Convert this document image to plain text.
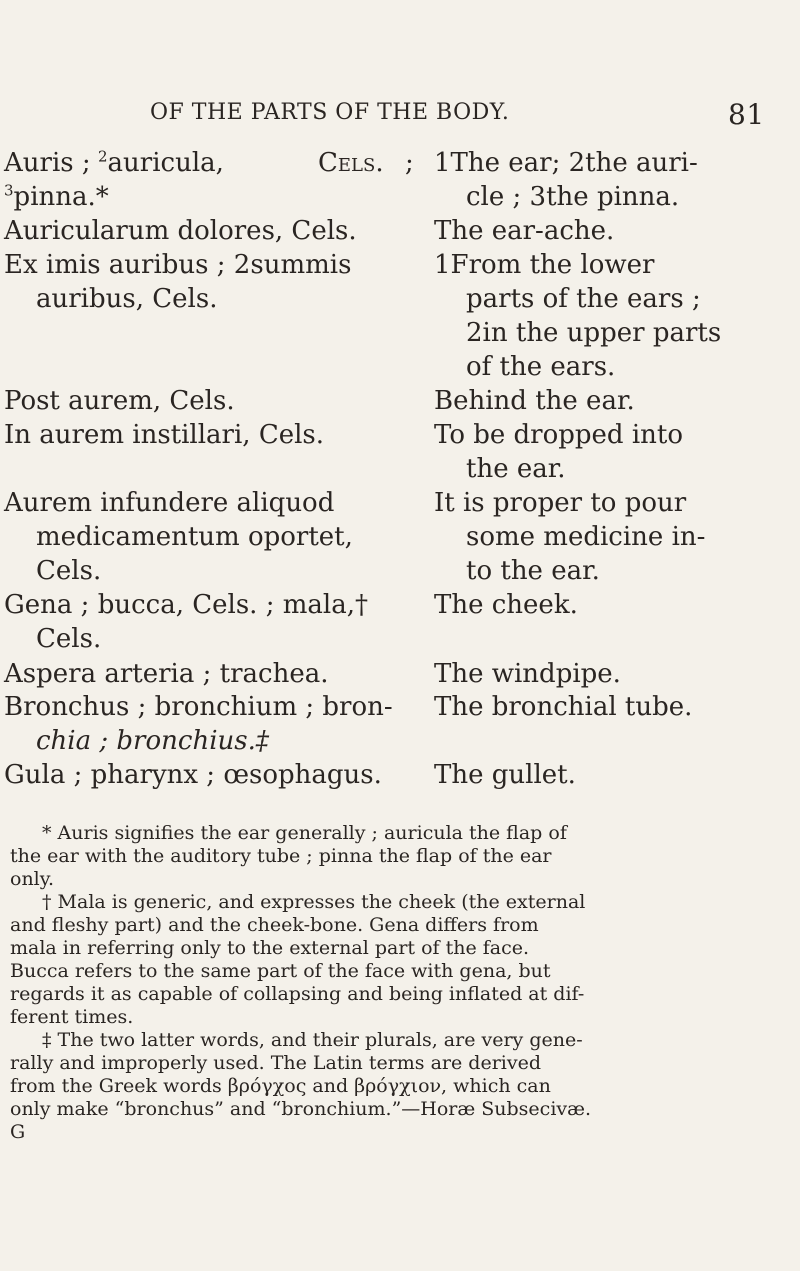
OF THE PARTS OF THE BODY.	81
Auris ; $^2$auricula,	Cels. ;
$^3$pinna.*
Auricularum dolores, Cels.
Ex imis auribus ; 2summis
auribus, Cels.
Post aurem, Cels.
In aurem instillari, Cels.
Aurem infundere aliquod
medicamentum oportet,
Cels.
Gena ; bucca, Cels. ; mala,†
Cels.
Aspera arteria ; trachea.
Bronchus ; bronchium ; bron-
chia ; bronchius.‡
Gula ; pharynx ; œsophagus.
1The ear; 2the auri-
cle ; 3the pinna.
The ear-ache.
1From the lower
parts of the ears ;
2in the upper parts
of the ears.
Behind the ear.
To be dropped into
the ear.
It is proper to pour
some medicine in-
to the ear.
The cheek.
The windpipe.
The bronchial tube.
The gullet.
* Auris signifies the ear generally ; auricula the flap of
the ear with the auditory tube ; pinna the flap of the ear
only.
† Mala is generic, and expresses the cheek (the external
and fleshy part) and the cheek-bone. Gena differs from
mala in referring only to the external part of the face.
Bucca refers to the same part of the face with gena, but
regards it as capable of collapsing and being inflated at dif-
ferent times.
‡ The two latter words, and their plurals, are very gene-
rally and improperly used. The Latin terms are derived
from the Greek words βρόγχος and βρόγχιον, which can
only make “bronchus” and “bronchium.”—Horæ Subsecivæ.
G
